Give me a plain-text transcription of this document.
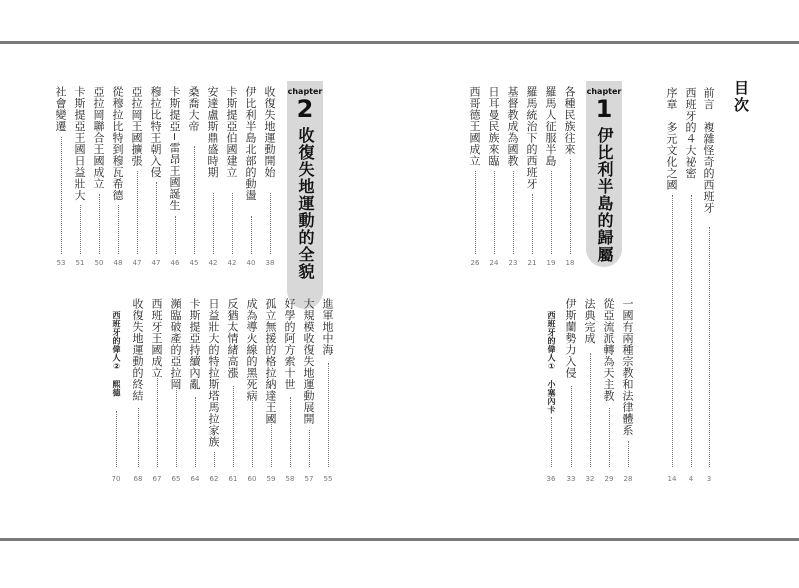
目次
前言　複雜怪奇的西班牙
3
西班牙的４大祕密
4
序章　多元文化之國
14
chapter
1
伊比利半島的歸屬
各種民族往來
18
羅馬人征服半島
19
羅馬統治下的西班牙
21
基督教成為國教
23
日耳曼民族來臨
24
西哥德王國成立
26
一國有兩種宗教和法律體系
28
從亞流派轉為天主教
29
法典完成
32
伊斯蘭勢力入侵
33
西班牙的偉人①　小塞內卡
36
chapter
2
收復失地運動的全貌
收復失地運動開始
38
伊比利半島北部的動盪
40
卡斯提亞伯國建立
42
安達盧斯鼎盛時期
42
桑喬大帝
45
卡斯提亞−雷昂王國誕生
46
穆拉比特王朝入侵
47
亞拉岡王國擴張
47
從穆拉比特到穆瓦希德
48
亞拉岡聯合王國成立
50
卡斯提亞王國日益壯大
51
社會變遷
53
進軍地中海
55
大規模收復失地運動展開
57
好學的阿方索十世
58
孤立無援的格拉納達王國
59
成為導火線的黑死病
60
反猶太情緒高漲
61
日益壯大的特拉斯塔馬拉家族
62
卡斯提亞持續內亂
64
瀕臨破產的亞拉岡
65
西班牙王國成立
67
收復失地運動的終結
68
西班牙的偉人②　熙德
70
